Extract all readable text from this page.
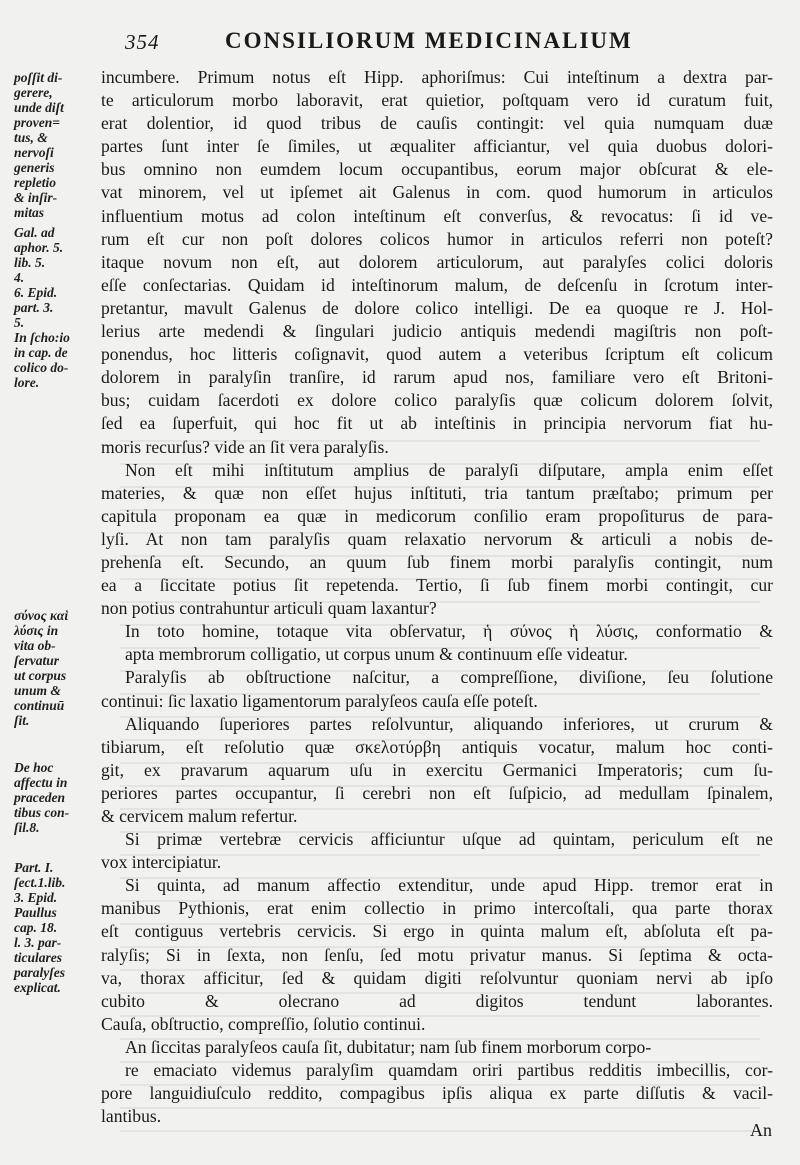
354	CONSILIORUM MEDICINALIUM
poſſit di-
gerere,
unde diſt
proven=
tus, &
nervoſi
generis
repletio
& inſir-
mitas
Gal. ad
aphor. 5.
lib. 5.
4.
6. Epid.
part. 3.
5.
In ſcho:io
in cap. de
colico do-
lore.
σύνος καὶ
λύσις in
vita ob-
ſervatur
ut corpus
unum &
continuū
ſit.
De hoc
affectu in
praceden
tibus con-
ſil.8.
Part. I.
ſect.1.lib.
3. Epid.
Paullus
cap. 18.
l. 3. par-
ticulares
paralyſes
explicat.
incumbere. Primum notus eſt Hipp. aphoriſmus: Cui inteſtinum a dextra par-
te articulorum morbo laboravit, erat quietior, poſtquam vero id curatum fuit,
erat dolentior, id quod tribus de cauſis contingit: vel quia numquam duæ
partes ſunt inter ſe ſimiles, ut æqualiter afficiantur, vel quia duobus dolori-
bus omnino non eumdem locum occupantibus, eorum major obſcurat & ele-
vat minorem, vel ut ipſemet ait Galenus in com. quod humorum in articulos
influentium motus ad colon inteſtinum eſt converſus, & revocatus: ſi id ve-
rum eſt cur non poſt dolores colicos humor in articulos referri non poteſt?
itaque novum non eſt, aut dolorem articulorum, aut paralyſes colici doloris
eſſe conſectarias. Quidam id inteſtinorum malum, de deſcenſu in ſcrotum inter-
pretantur, mavult Galenus de dolore colico intelligi. De ea quoque re J. Hol-
lerius arte medendi & ſingulari judicio antiquis medendi magiſtris non poſt-
ponendus, hoc litteris coſignavit, quod autem a veteribus ſcriptum eſt colicum
dolorem in paralyſin tranſire, id rarum apud nos, familiare vero eſt Britoni-
bus; cuidam ſacerdoti ex dolore colico paralyſis quæ colicum dolorem ſolvit,
ſed ea ſuperfuit, qui hoc fit ut ab inteſtinis in principia nervorum fiat hu-
moris recurſus? vide an ſit vera paralyſis.
Non eſt mihi inſtitutum amplius de paralyſi diſputare, ampla enim eſſet
materies, & quæ non eſſet hujus inſtituti, tria tantum præſtabo; primum per
capitula proponam ea quæ in medicorum conſilio eram propoſiturus de para-
lyſi. At non tam paralyſis quam relaxatio nervorum & articuli a nobis de-
prehenſa eſt. Secundo, an quum ſub finem morbi paralyſis contingit, num
ea a ſiccitate potius ſit repetenda. Tertio, ſi ſub finem morbi contingit, cur
non potius contrahuntur articuli quam laxantur?
In toto homine, totaque vita obſervatur, ἡ σύνος ἡ λύσις, conformatio &
apta membrorum colligatio, ut corpus unum & continuum eſſe videatur.
Paralyſis ab obſtructione naſcitur, a compreſſione, diviſione, ſeu ſolutione
continui: ſic laxatio ligamentorum paralyſeos cauſa eſſe poteſt.
Aliquando ſuperiores partes reſolvuntur, aliquando inferiores, ut crurum &
tibiarum, eſt reſolutio quæ σκελοτύρβη antiquis vocatur, malum hoc conti-
git, ex pravarum aquarum uſu in exercitu Germanici Imperatoris; cum ſu-
periores partes occupantur, ſi cerebri non eſt ſuſpicio, ad medullam ſpinalem,
& cervicem malum refertur.
Si primæ vertebræ cervicis afficiuntur uſque ad quintam, periculum eſt ne
vox intercipiatur.
Si quinta, ad manum affectio extenditur, unde apud Hipp. tremor erat in
manibus Pythionis, erat enim collectio in primo intercoſtali, qua parte thorax
eſt contiguus vertebris cervicis. Si ergo in quinta malum eſt, abſoluta eſt pa-
ralyſis; Si in ſexta, non ſenſu, ſed motu privatur manus. Si ſeptima & octa-
va, thorax afficitur, ſed & quidam digiti reſolvuntur quoniam nervi ab ipſo
cubito & olecrano ad digitos tendunt laborantes.
Cauſa, obſtructio, compreſſio, ſolutio continui.
An ſiccitas paralyſeos cauſa ſit, dubitatur; nam ſub finem morborum corpo-
re emaciato videmus paralyſim quamdam oriri partibus redditis imbecillis, cor-
pore languidiuſculo reddito, compagibus ipſis aliqua ex parte diſſutis & vacil-
lantibus.
An
